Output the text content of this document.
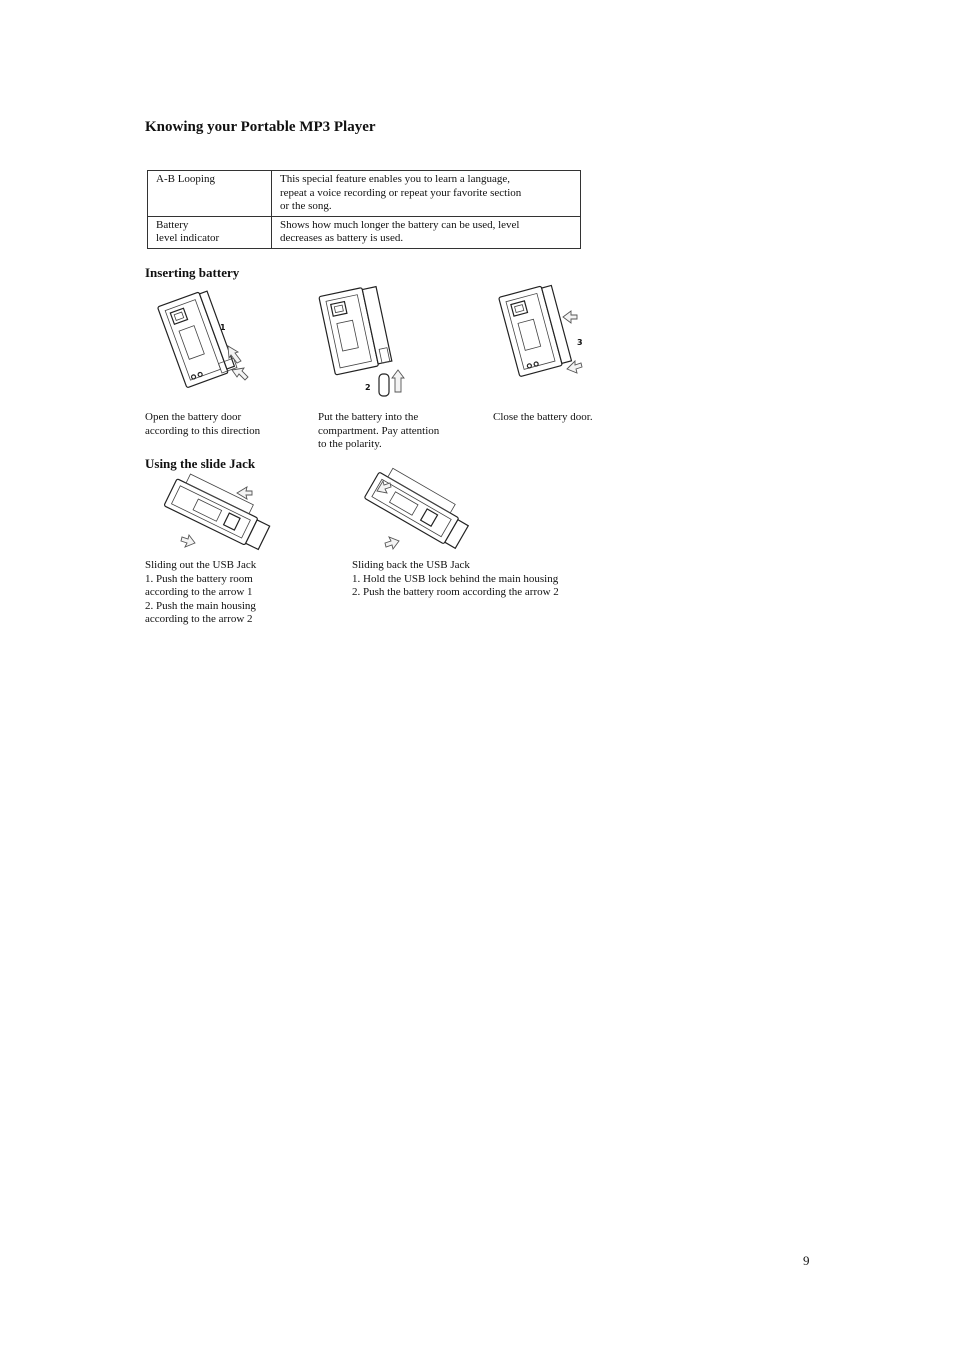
Knowing your Portable MP3 Player
A-B Looping	This special feature enables you to learn a language,
repeat a voice recording or repeat your favorite section
or the song.
Battery
level indicator	Shows how much longer the battery can be used, level
decreases as battery is used.
Inserting battery
1
Open the battery door
according to this direction
2
Put the battery into the
compartment. Pay attention
to the polarity.
3
Close the battery door.
Using the slide Jack
Sliding out the USB Jack
1. Push the battery room
according to the arrow 1
2. Push the main housing
according to the arrow 2
Sliding back the USB Jack
1. Hold the USB lock behind the main housing
2. Push the battery room according the arrow 2
9
